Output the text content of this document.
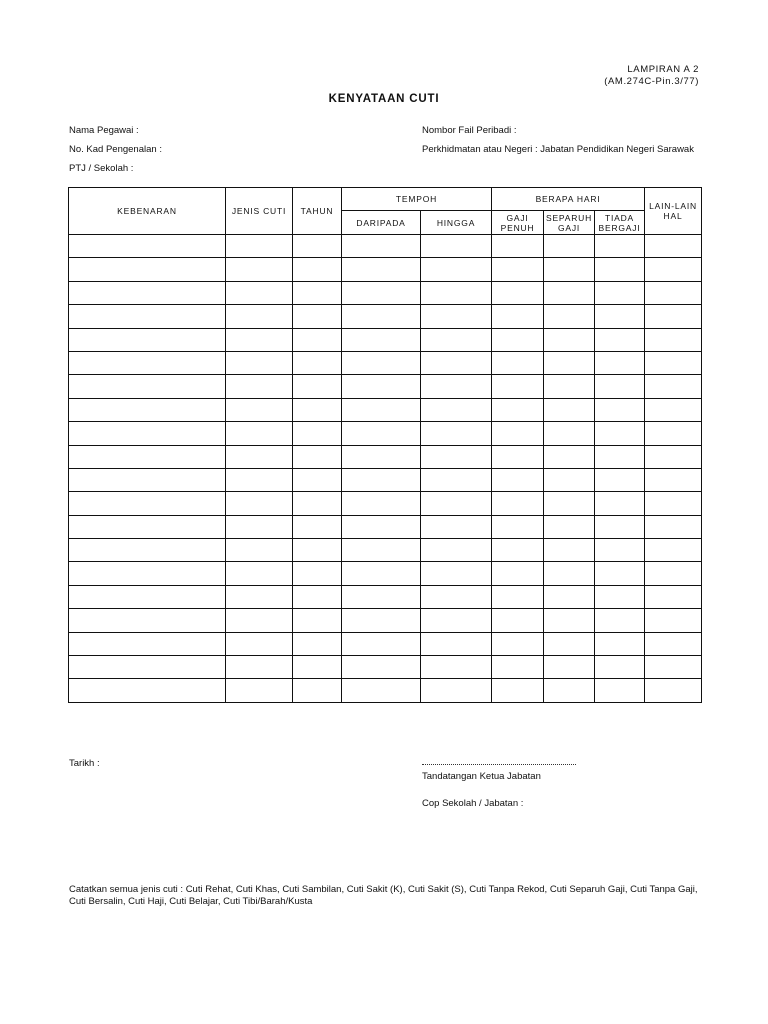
LAMPIRAN A 2
(AM.274C-Pin.3/77)
KENYATAAN CUTI
Nama Pegawai :
No. Kad Pengenalan :
PTJ / Sekolah :
Nombor Fail Peribadi :
Perkhidmatan atau Negeri : Jabatan Pendidikan Negeri Sarawak
KEBENARAN	JENIS CUTI	TAHUN	TEMPOH		BERAPA HARI			LAIN-LAIN HAL
			DARIPADA	HINGGA	GAJI PENUH	SEPARUH GAJI	TIADA BERGAJI	

Tarikh :
Tandatangan Ketua Jabatan
Cop Sekolah / Jabatan :
Catatkan semua jenis cuti : Cuti Rehat, Cuti Khas, Cuti Sambilan, Cuti Sakit (K), Cuti Sakit (S), Cuti Tanpa Rekod, Cuti Separuh Gaji, Cuti Tanpa Gaji, Cuti Bersalin, Cuti Haji, Cuti Belajar, Cuti Tibi/Barah/Kusta
